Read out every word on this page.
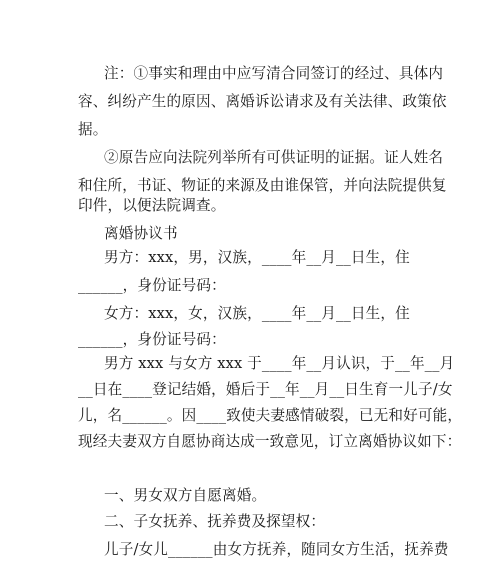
注：①事实和理由中应写清合同签订的经过、具体内
容、纠纷产生的原因、离婚诉讼请求及有关法律、政策依
据。
②原告应向法院列举所有可供证明的证据。证人姓名
和住所，书证、物证的来源及由谁保管，并向法院提供复
印件，以便法院调查。
离婚协议书
男方：xxx，男，汉族，____年__月__日生，住
______，身份证号码：
女方：xxx，女，汉族，____年__月__日生，住
______，身份证号码：
男方 xxx 与女方 xxx 于____年__月认识，于__年__月
__日在____登记结婚，婚后于__年__月__日生育一儿子/女
儿，名______。因____致使夫妻感情破裂，已无和好可能，
现经夫妻双方自愿协商达成一致意见，订立离婚协议如下：
一、男女双方自愿离婚。
二、子女抚养、抚养费及探望权：
儿子/女儿______由女方抚养，随同女方生活，抚养费
